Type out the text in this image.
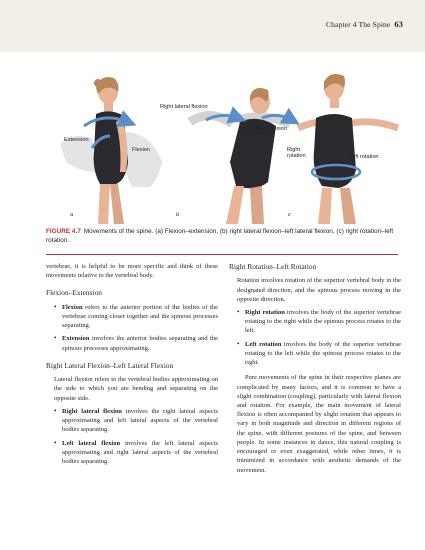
Chapter 4 The Spine 63
Extension
Flexion
Right lateral flexion
Left lateral flexion
Right rotation	Left rotation
a	b	c
FIGURE 4.7 Movements of the spine. (a) Flexion–extension, (b) right lateral flexion–left lateral flexion, (c) right rotation–left rotation.

vertebrae, it is helpful to be more specific and think of these movements relative to the vertebral body.

Flexion–Extension
• Flexion refers to the anterior portion of the bodies of the vertebrae coming closer together and the spinous processes separating.
• Extension involves the anterior bodies separating and the spinous processes approximating.
Right Lateral Flexion–Left Lateral Flexion

Lateral flexion refers to the vertebral bodies approximating on the side to which you are bending and separating on the opposite side.

• Right lateral flexion involves the right lateral aspects approximating and left lateral aspects of the vertebral bodies separating.
• Left lateral flexion involves the left lateral aspects approximating and right lateral aspects of the vertebral bodies separating.
Right Rotation–Left Rotation

Rotation involves rotation of the superior vertebral body in the designated direction, and the spinous process moving in the opposite direction.

• Right rotation involves the body of the superior vertebrae rotating to the right while the spinous process rotates to the left.
• Left rotation involves the body of the superior vertebrae rotating to the left while the spinous process rotates to the right.

Pure movements of the spine in their respective planes are complicated by many factors, and it is common to have a slight combination (coupling), particularly with lateral flexion and rotation. For example, the main movement of lateral flexion is often accompanied by slight rotation that appears to vary in both magnitude and direction in different regions of the spine, with different postures of the spine, and between people. In some instances in dance, this natural coupling is encouraged or even exaggerated, while other times, it is minimized in accordance with aesthetic demands of the movement.
